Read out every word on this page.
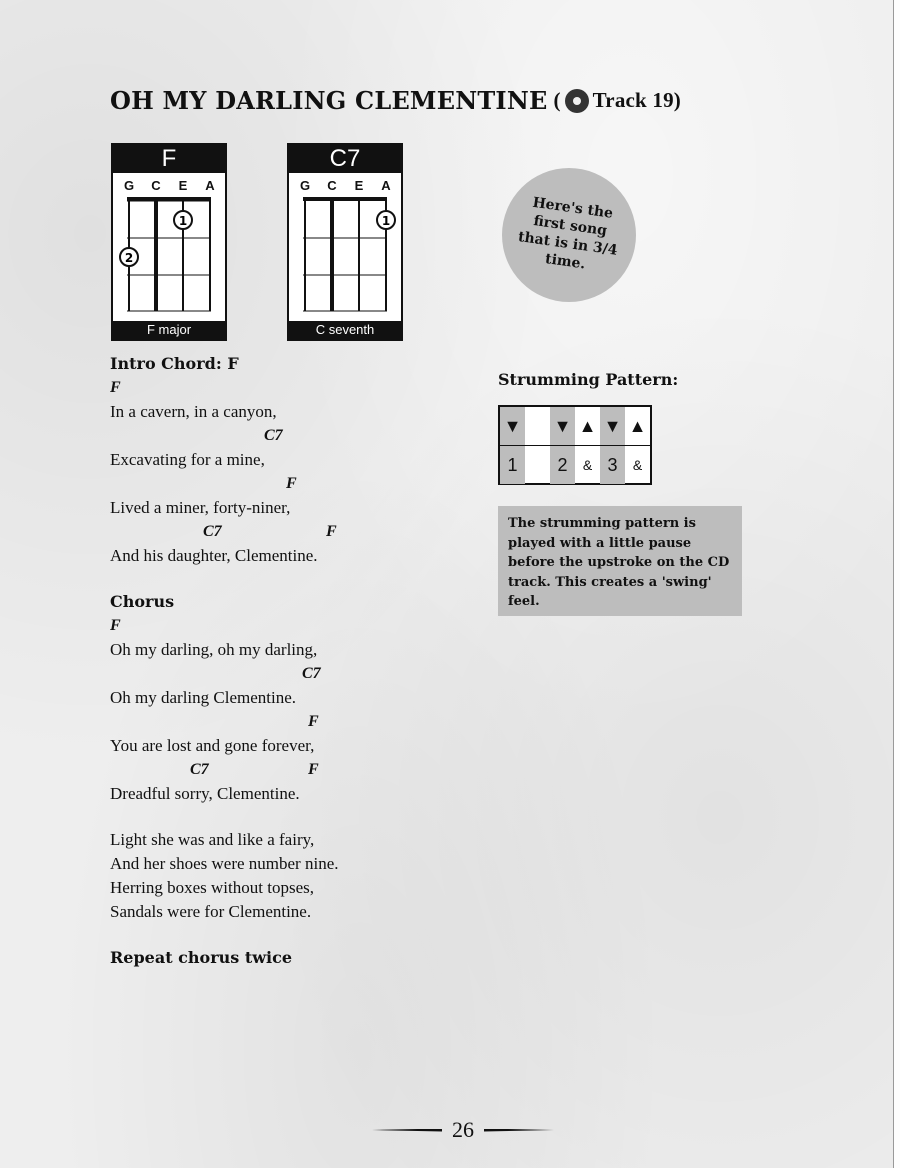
OH MY DARLING CLEMENTINE ( Track 19)
F
G C E A
1
2
F major
C7
G C E A
1
C seventh
Here's the first song that is in 3/4 time.
Intro Chord: F
F
In a cavern, in a canyon,
C7
Excavating for a mine,
F
Lived a miner, forty-niner,
C7	F
And his daughter, Clementine.
Chorus
F
Oh my darling, oh my darling,
C7
Oh my darling Clementine.
F
You are lost and gone forever,
C7	F
Dreadful sorry, Clementine.
Light she was and like a fairy,
And her shoes were number nine.
Herring boxes without topses,
Sandals were for Clementine.
Repeat chorus twice
Strumming Pattern:
▼		▼	▲	▼	▲
1		2	&	3	&
The strumming pattern is played with a little pause before the upstroke on the CD track. This creates a 'swing' feel.
26
